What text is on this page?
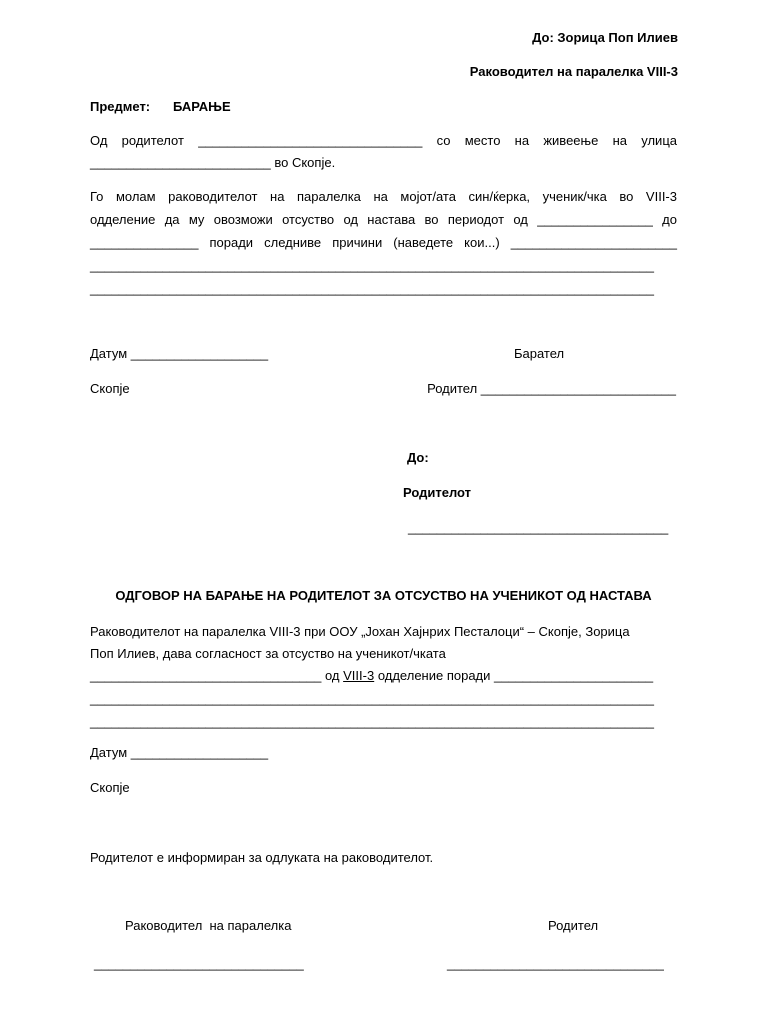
До: Зорица Поп Илиев
Раководител на паралелка VIII-3
Предмет: БАРАЊЕ
Од родителот _______________________________ со место на живеење на улица
_________________________ во Скопје.
Го молам раководителот на паралелка на мојот/ата син/ќерка, ученик/чка во VIII-3
одделение да му овозможи отсуство од настава во периодот од ________________ до
_______________ поради следниве причини (наведете кои...) _______________________
______________________________________________________________________________
______________________________________________________________________________
Датум ___________________	Барател
Скопје	Родител ___________________________
До:
Родителот
____________________________________
ОДГОВОР НА БАРАЊЕ НА РОДИТЕЛОТ ЗА ОТСУСТВО НА УЧЕНИКОТ ОД НАСТАВА
Раководителот на паралелка VIII-3 при ООУ „Јохан Хајнрих Песталоци“ – Скопје, Зорица
Поп Илиев, дава согласност за отсуство на ученикот/чката
________________________________ од VIII-3 одделение поради ______________________
______________________________________________________________________________
______________________________________________________________________________
Датум ___________________
Скопје
Родителот е информиран за одлуката на раководителот.
Раководител  на паралелка	Родител
_____________________________	______________________________
